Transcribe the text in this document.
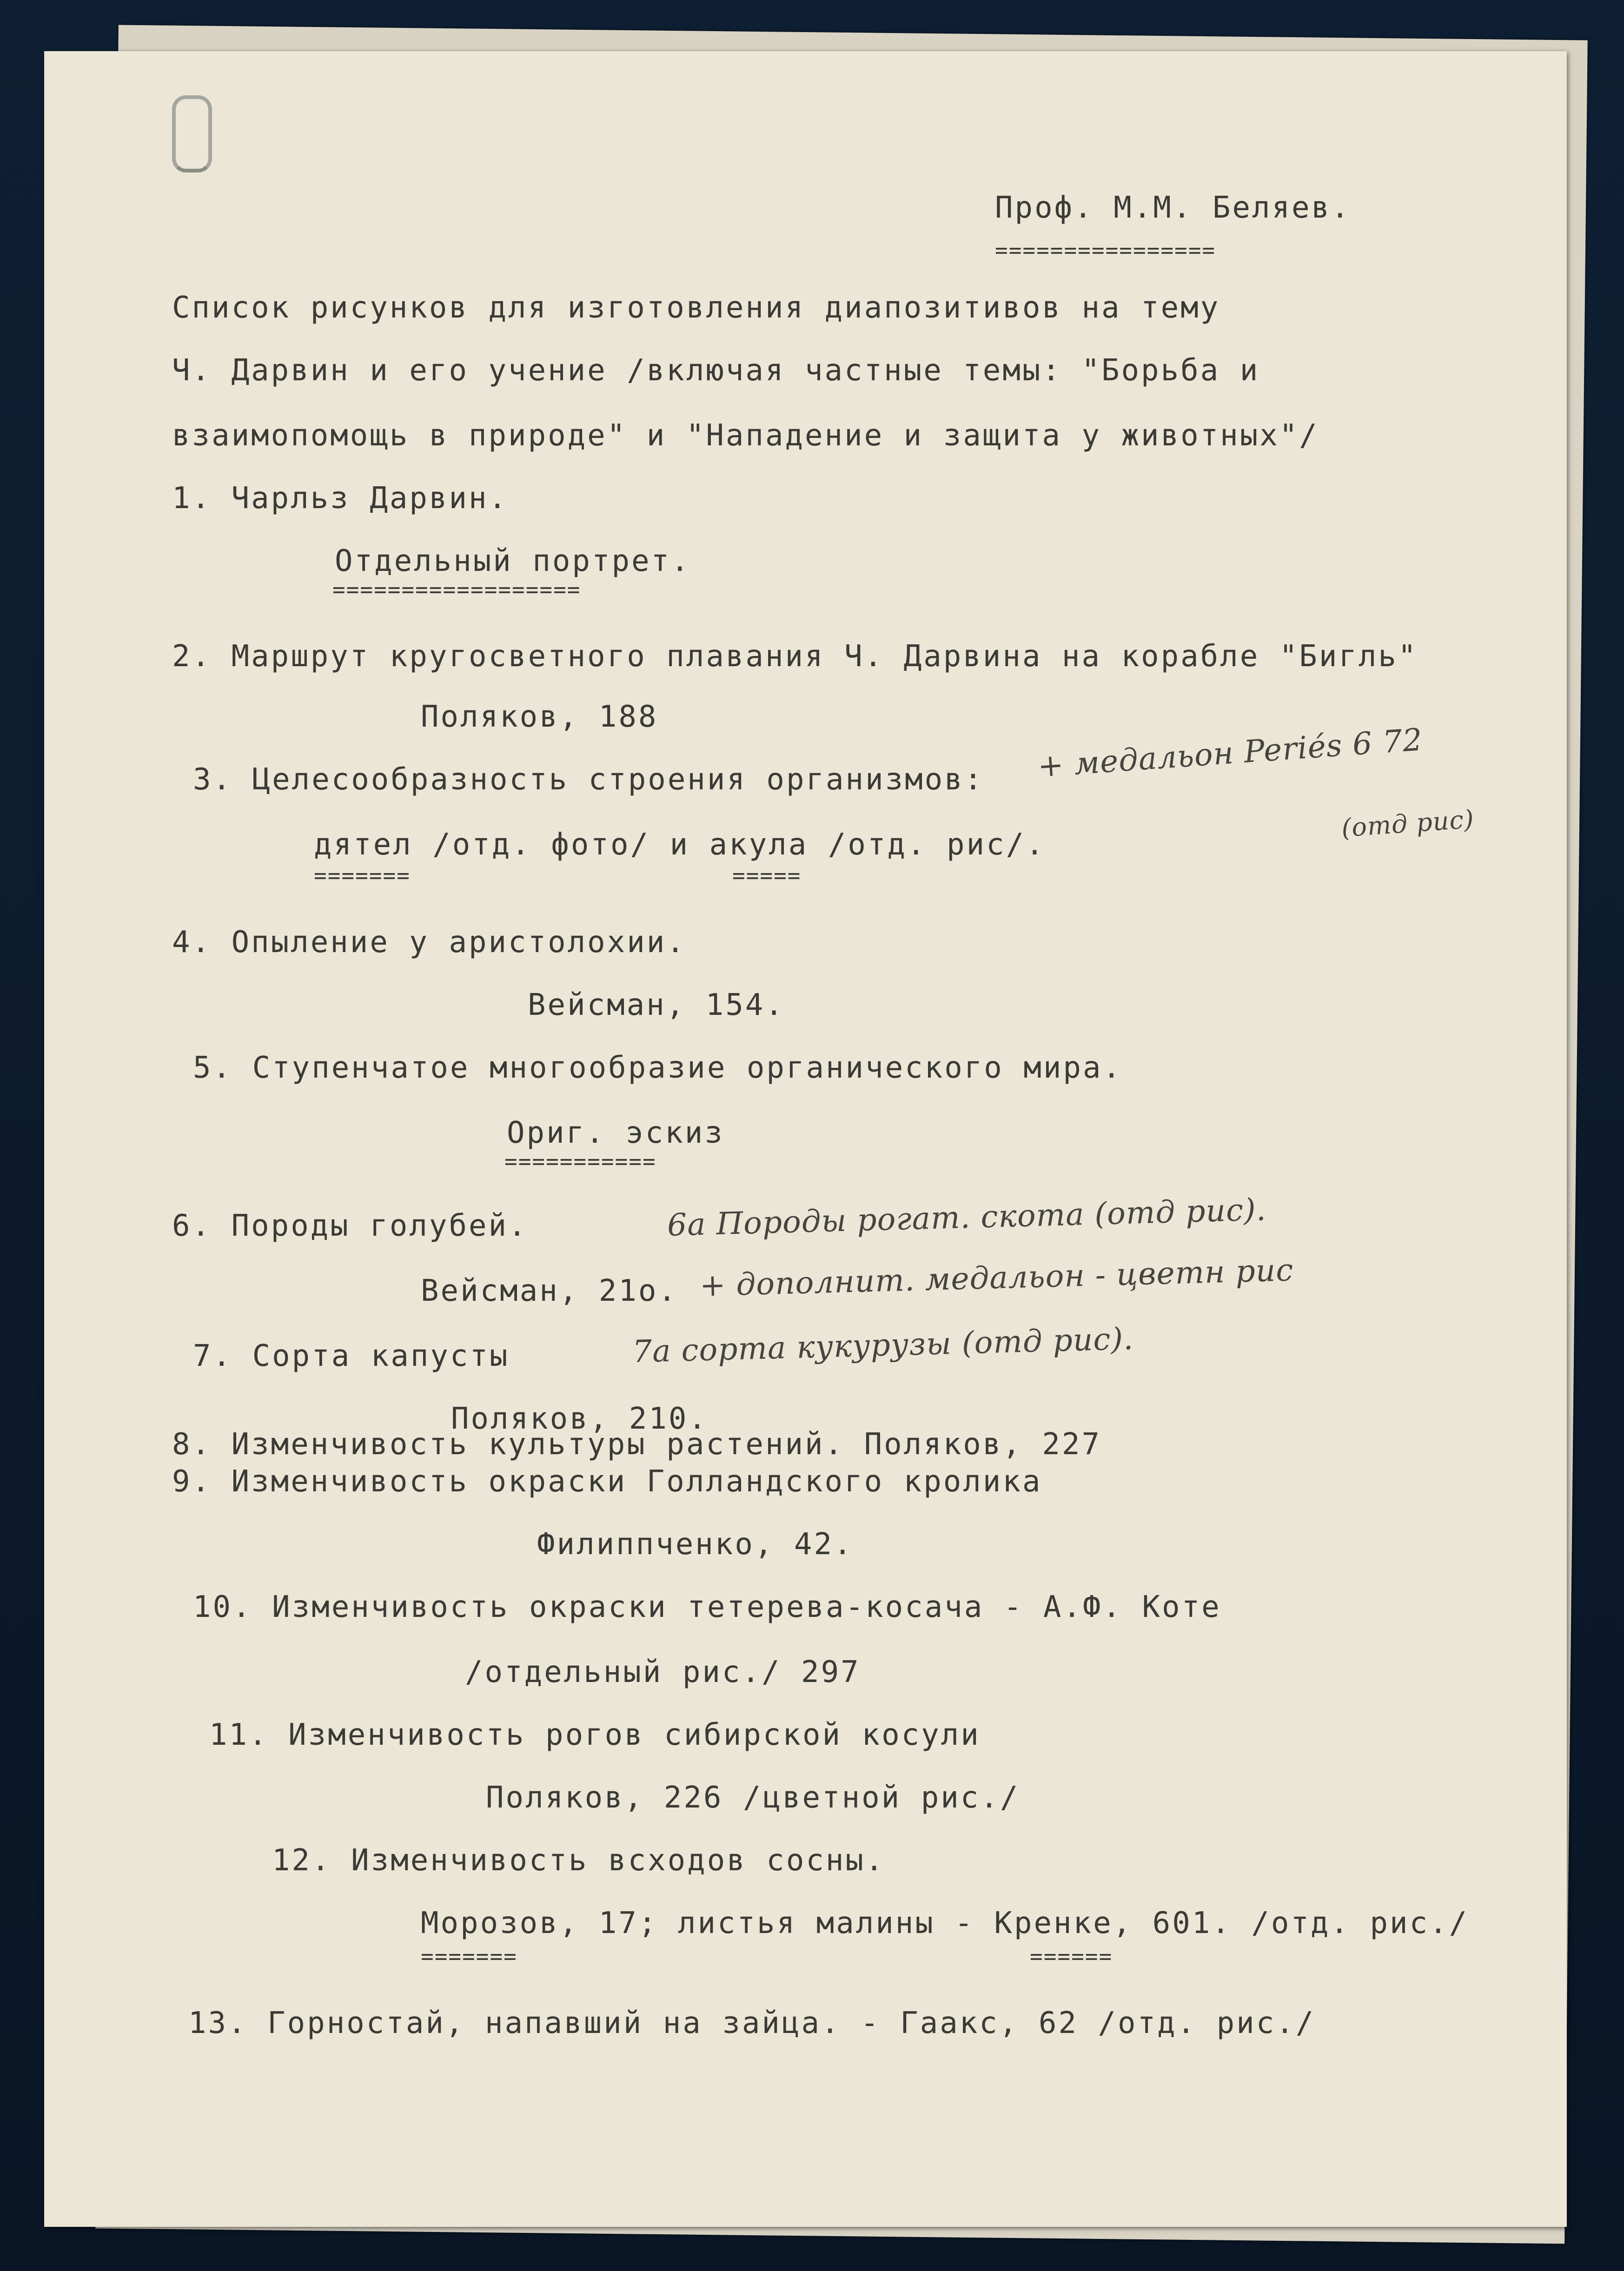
Проф. М.М. Беляев.
================
Список рисунков для изготовления диапозитивов на тему
Ч. Дарвин и его учение /включая частные темы: "Борьба и
взаимопомощь в природе" и "Нападение и защита у животных"/
1. Чарльз Дарвин.
Отдельный портрет.
==================
2. Маршрут кругосветного плавания Ч. Дарвина на корабле "Бигль"
Поляков, 188
3. Целесообразность строения организмов: + медальон Periés 6 72
(отд рис)
дятел /отд. фото/ и акула /отд. рис/.
=======	=====
4. Опыление у аристолохии.
Вейсман, 154.
5. Ступенчатое многообразие органического мира.
Ориг. эскиз
===========
6. Породы голубей.	6а Породы рогат. скота (отд рис).
Вейсман, 21о. + дополнит. медальон - цветн рис
7. Сорта капусты	7а сорта кукурузы (отд рис).
Поляков, 210.
8. Изменчивость культуры растений. Поляков, 227
9. Изменчивость окраски Голландского кролика
Филиппченко, 42.
10. Изменчивость окраски тетерева-косача - А.Ф. Коте
/отдельный рис./ 297
11. Изменчивость рогов сибирской косули
Поляков, 226 /цветной рис./
12. Изменчивость всходов сосны.
Морозов, 17; листья малины - Кренке, 601. /отд. рис./
=======	======
13. Горностай, напавший на зайца. - Гаакс, 62 /отд. рис./
